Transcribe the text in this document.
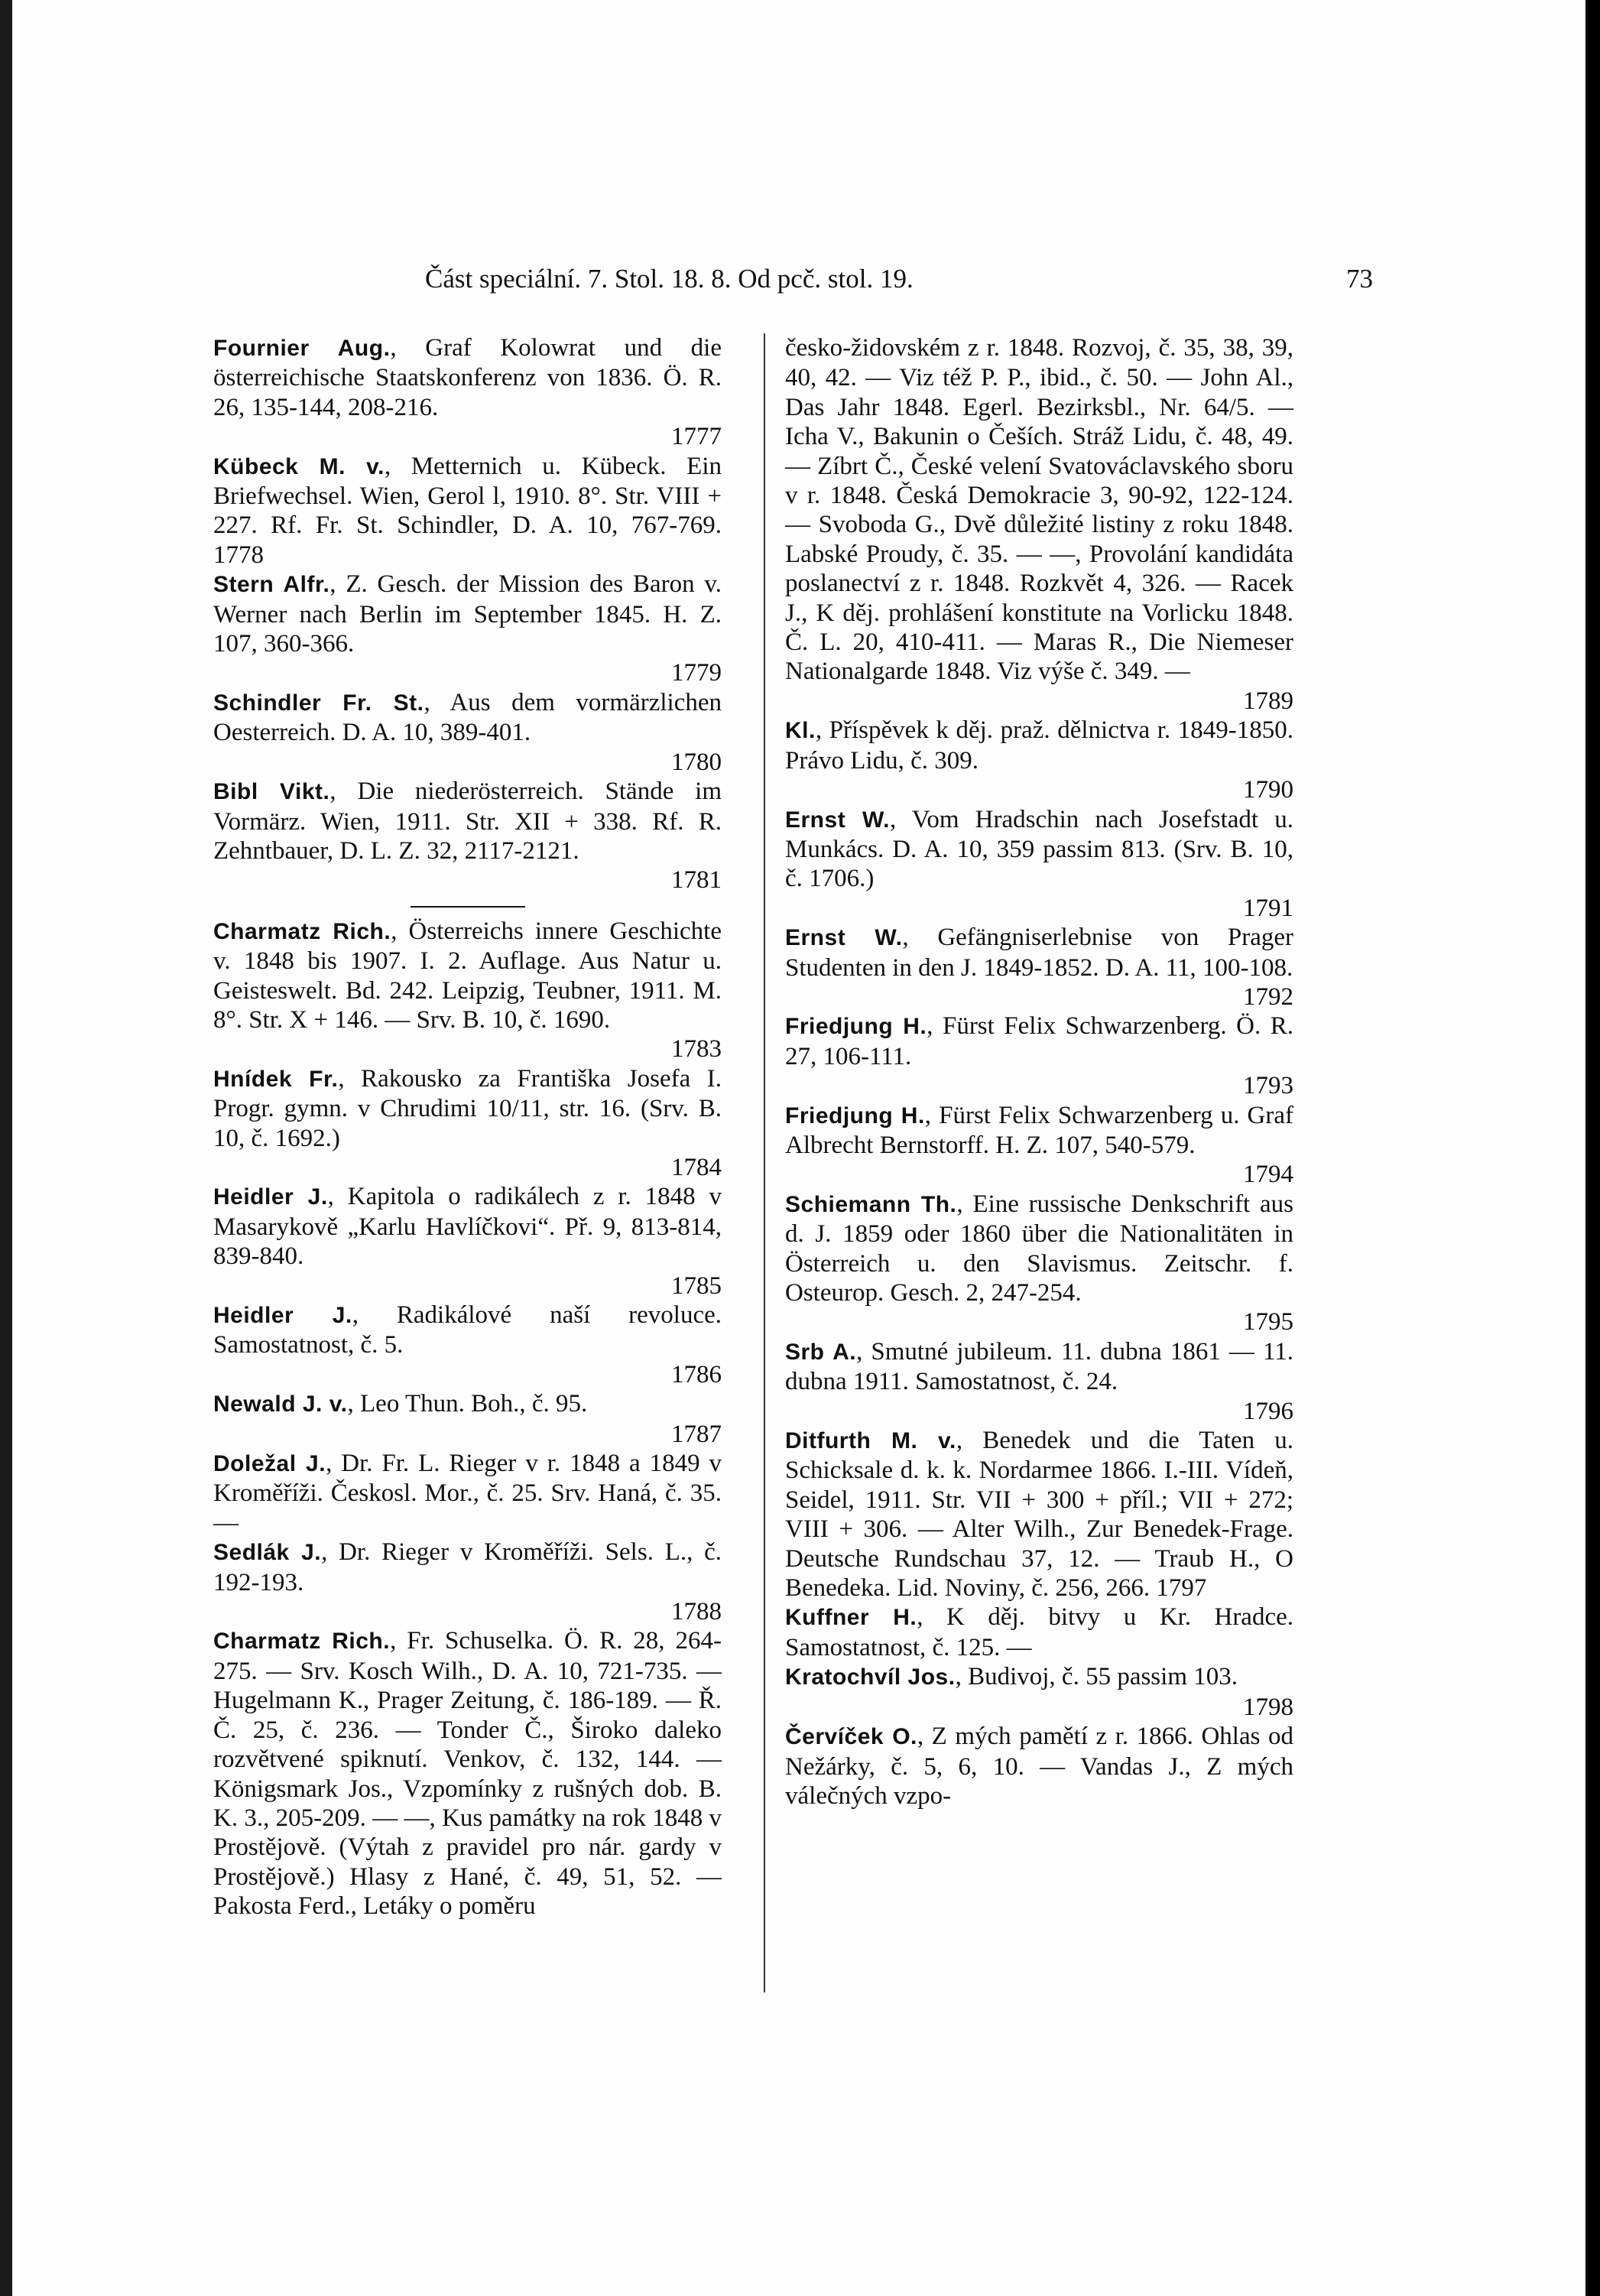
Část speciální. 7. Stol. 18. 8. Od pcč. stol. 19.	73

Fournier Aug., Graf Kolowrat und die österreichische Staatskonferenz von 1836. Ö. R. 26, 135-144, 208-216.
1777

Kübeck M. v., Metternich u. Kübeck. Ein Briefwechsel. Wien, Gerol l, 1910. 8°. Str. VIII + 227. Rf. Fr. St. Schindler, D. A. 10, 767-769. 1778

Stern Alfr., Z. Gesch. der Mission des Baron v. Werner nach Berlin im September 1845. H. Z. 107, 360-366.
1779

Schindler Fr. St., Aus dem vormärzlichen Oesterreich. D. A. 10, 389-401.
1780

Bibl Vikt., Die niederösterreich. Stände im Vormärz. Wien, 1911. Str. XII + 338. Rf. R. Zehntbauer, D. L. Z. 32, 2117-2121.
1781

Charmatz Rich., Österreichs innere Geschichte v. 1848 bis 1907. I. 2. Auflage. Aus Natur u. Geisteswelt. Bd. 242. Leipzig, Teubner, 1911. M. 8°. Str. X + 146. — Srv. B. 10, č. 1690.
1783

Hnídek Fr., Rakousko za Františka Josefa I. Progr. gymn. v Chrudimi 10/11, str. 16. (Srv. B. 10, č. 1692.)
1784

Heidler J., Kapitola o radikálech z r. 1848 v Masarykově „Karlu Havlíčkovi“. Př. 9, 813-814, 839-840.
1785

Heidler J., Radikálové naší revoluce. Samostatnost, č. 5.
1786

Newald J. v., Leo Thun. Boh., č. 95.
1787

Doležal J., Dr. Fr. L. Rieger v r. 1848 a 1849 v Kroměříži. Českosl. Mor., č. 25. Srv. Haná, č. 35. —

Sedlák J., Dr. Rieger v Kroměříži. Sels. L., č. 192-193.
1788

Charmatz Rich., Fr. Schuselka. Ö. R. 28, 264-275. — Srv. Kosch Wilh., D. A. 10, 721-735. — Hugelmann K., Prager Zeitung, č. 186-189. — Ř. Č. 25, č. 236. — Tonder Č., Široko daleko rozvětvené spiknutí. Venkov, č. 132, 144. — Königsmark Jos., Vzpomínky z rušných dob. B. K. 3., 205-209. — —, Kus památky na rok 1848 v Prostějově. (Výtah z pravidel pro nár. gardy v Prostějově.) Hlasy z Hané, č. 49, 51, 52. — Pakosta Ferd., Letáky o poměru

česko-židovském z r. 1848. Rozvoj, č. 35, 38, 39, 40, 42. — Viz též P. P., ibid., č. 50. — John Al., Das Jahr 1848. Egerl. Bezirksbl., Nr. 64/5. — Icha V., Bakunin o Češích. Stráž Lidu, č. 48, 49. — Zíbrt Č., České velení Svatováclavského sboru v r. 1848. Česká Demokracie 3, 90-92, 122-124. — Svoboda G., Dvě důležité listiny z roku 1848. Labské Proudy, č. 35. — —, Provolání kandidáta poslanectví z r. 1848. Rozkvět 4, 326. — Racek J., K děj. prohlášení konstitute na Vorlicku 1848. Č. L. 20, 410-411. — Maras R., Die Niemeser Nationalgarde 1848. Viz výše č. 349. —
1789

Kl., Příspěvek k děj. praž. dělnictva r. 1849-1850. Právo Lidu, č. 309.
1790

Ernst W., Vom Hradschin nach Josefstadt u. Munkács. D. A. 10, 359 passim 813. (Srv. B. 10, č. 1706.)
1791

Ernst W., Gefängniserlebnise von Prager Studenten in den J. 1849-1852. D. A. 11, 100-108.
1792

Friedjung H., Fürst Felix Schwarzenberg. Ö. R. 27, 106-111.
1793

Friedjung H., Fürst Felix Schwarzenberg u. Graf Albrecht Bernstorff. H. Z. 107, 540-579.
1794

Schiemann Th., Eine russische Denkschrift aus d. J. 1859 oder 1860 über die Nationalitäten in Österreich u. den Slavismus. Zeitschr. f. Osteurop. Gesch. 2, 247-254.
1795

Srb A., Smutné jubileum. 11. dubna 1861 — 11. dubna 1911. Samostatnost, č. 24.
1796

Ditfurth M. v., Benedek und die Taten u. Schicksale d. k. k. Nordarmee 1866. I.-III. Vídeň, Seidel, 1911. Str. VII + 300 + příl.; VII + 272; VIII + 306. — Alter Wilh., Zur Benedek-Frage. Deutsche Rundschau 37, 12. — Traub H., O Benedeka. Lid. Noviny, č. 256, 266. 1797

Kuffner H., K děj. bitvy u Kr. Hradce. Samostatnost, č. 125. —

Kratochvíl Jos., Budivoj, č. 55 passim 103.
1798

Červíček O., Z mých pamětí z r. 1866. Ohlas od Nežárky, č. 5, 6, 10. — Vandas J., Z mých válečných vzpo-
